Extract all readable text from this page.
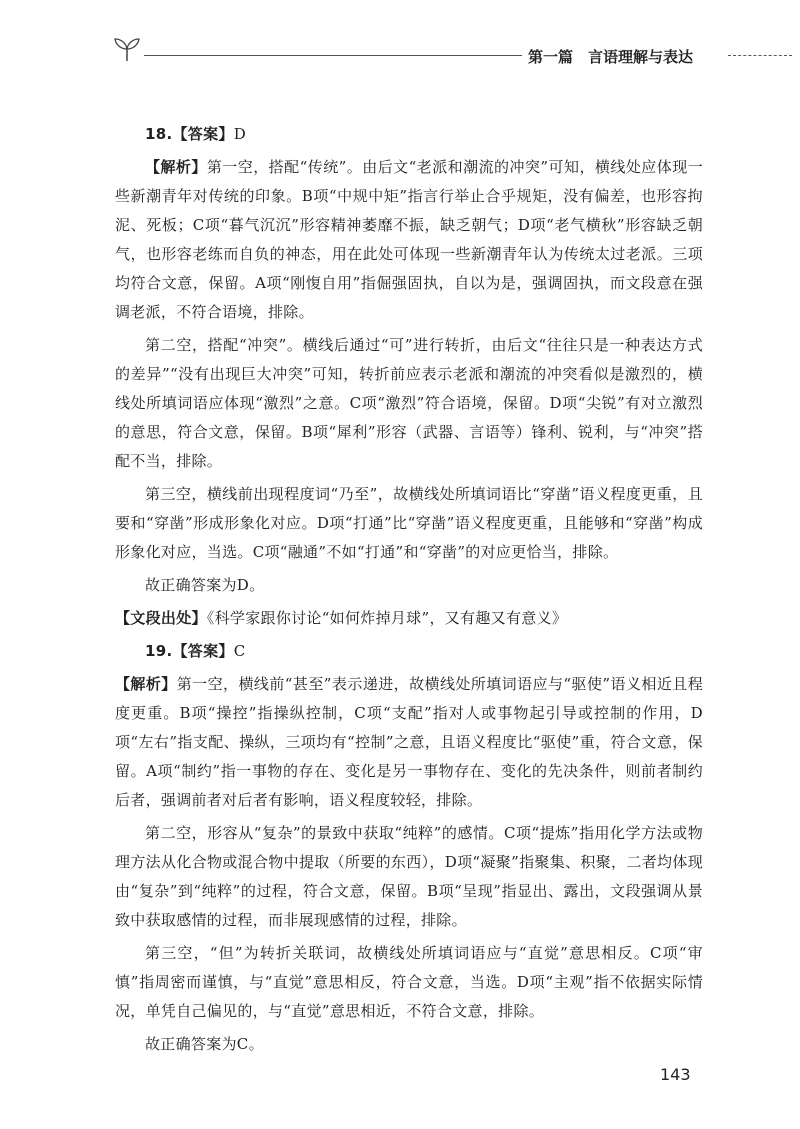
第一篇　言语理解与表达

18.【答案】D

【解析】第一空，搭配“传统”。由后文“老派和潮流的冲突”可知，横线处应体现一些新潮青年对传统的印象。B项“中规中矩”指言行举止合乎规矩，没有偏差，也形容拘泥、死板；C项“暮气沉沉”形容精神萎靡不振，缺乏朝气；D项“老气横秋”形容缺乏朝气，也形容老练而自负的神态，用在此处可体现一些新潮青年认为传统太过老派。三项均符合文意，保留。A项“刚愎自用”指倔强固执，自以为是，强调固执，而文段意在强调老派，不符合语境，排除。

第二空，搭配“冲突”。横线后通过“可”进行转折，由后文“往往只是一种表达方式的差异”“没有出现巨大冲突”可知，转折前应表示老派和潮流的冲突看似是激烈的，横线处所填词语应体现“激烈”之意。C项“激烈”符合语境，保留。D项“尖锐”有对立激烈的意思，符合文意，保留。B项“犀利”形容（武器、言语等）锋利、锐利，与“冲突”搭配不当，排除。

第三空，横线前出现程度词“乃至”，故横线处所填词语比“穿凿”语义程度更重，且要和“穿凿”形成形象化对应。D项“打通”比“穿凿”语义程度更重，且能够和“穿凿”构成形象化对应，当选。C项“融通”不如“打通”和“穿凿”的对应更恰当，排除。

故正确答案为D。

【文段出处】《科学家跟你讨论“如何炸掉月球”，又有趣又有意义》

19.【答案】C

【解析】第一空，横线前“甚至”表示递进，故横线处所填词语应与“驱使”语义相近且程度更重。B项“操控”指操纵控制，C项“支配”指对人或事物起引导或控制的作用，D项“左右”指支配、操纵，三项均有“控制”之意，且语义程度比“驱使”重，符合文意，保留。A项“制约”指一事物的存在、变化是另一事物存在、变化的先决条件，则前者制约后者，强调前者对后者有影响，语义程度较轻，排除。

第二空，形容从“复杂”的景致中获取“纯粹”的感情。C项“提炼”指用化学方法或物理方法从化合物或混合物中提取（所要的东西），D项“凝聚”指聚集、积聚，二者均体现由“复杂”到“纯粹”的过程，符合文意，保留。B项“呈现”指显出、露出，文段强调从景致中获取感情的过程，而非展现感情的过程，排除。

第三空，“但”为转折关联词，故横线处所填词语应与“直觉”意思相反。C项“审慎”指周密而谨慎，与“直觉”意思相反，符合文意，当选。D项“主观”指不依据实际情况，单凭自己偏见的，与“直觉”意思相近，不符合文意，排除。

故正确答案为C。

143
